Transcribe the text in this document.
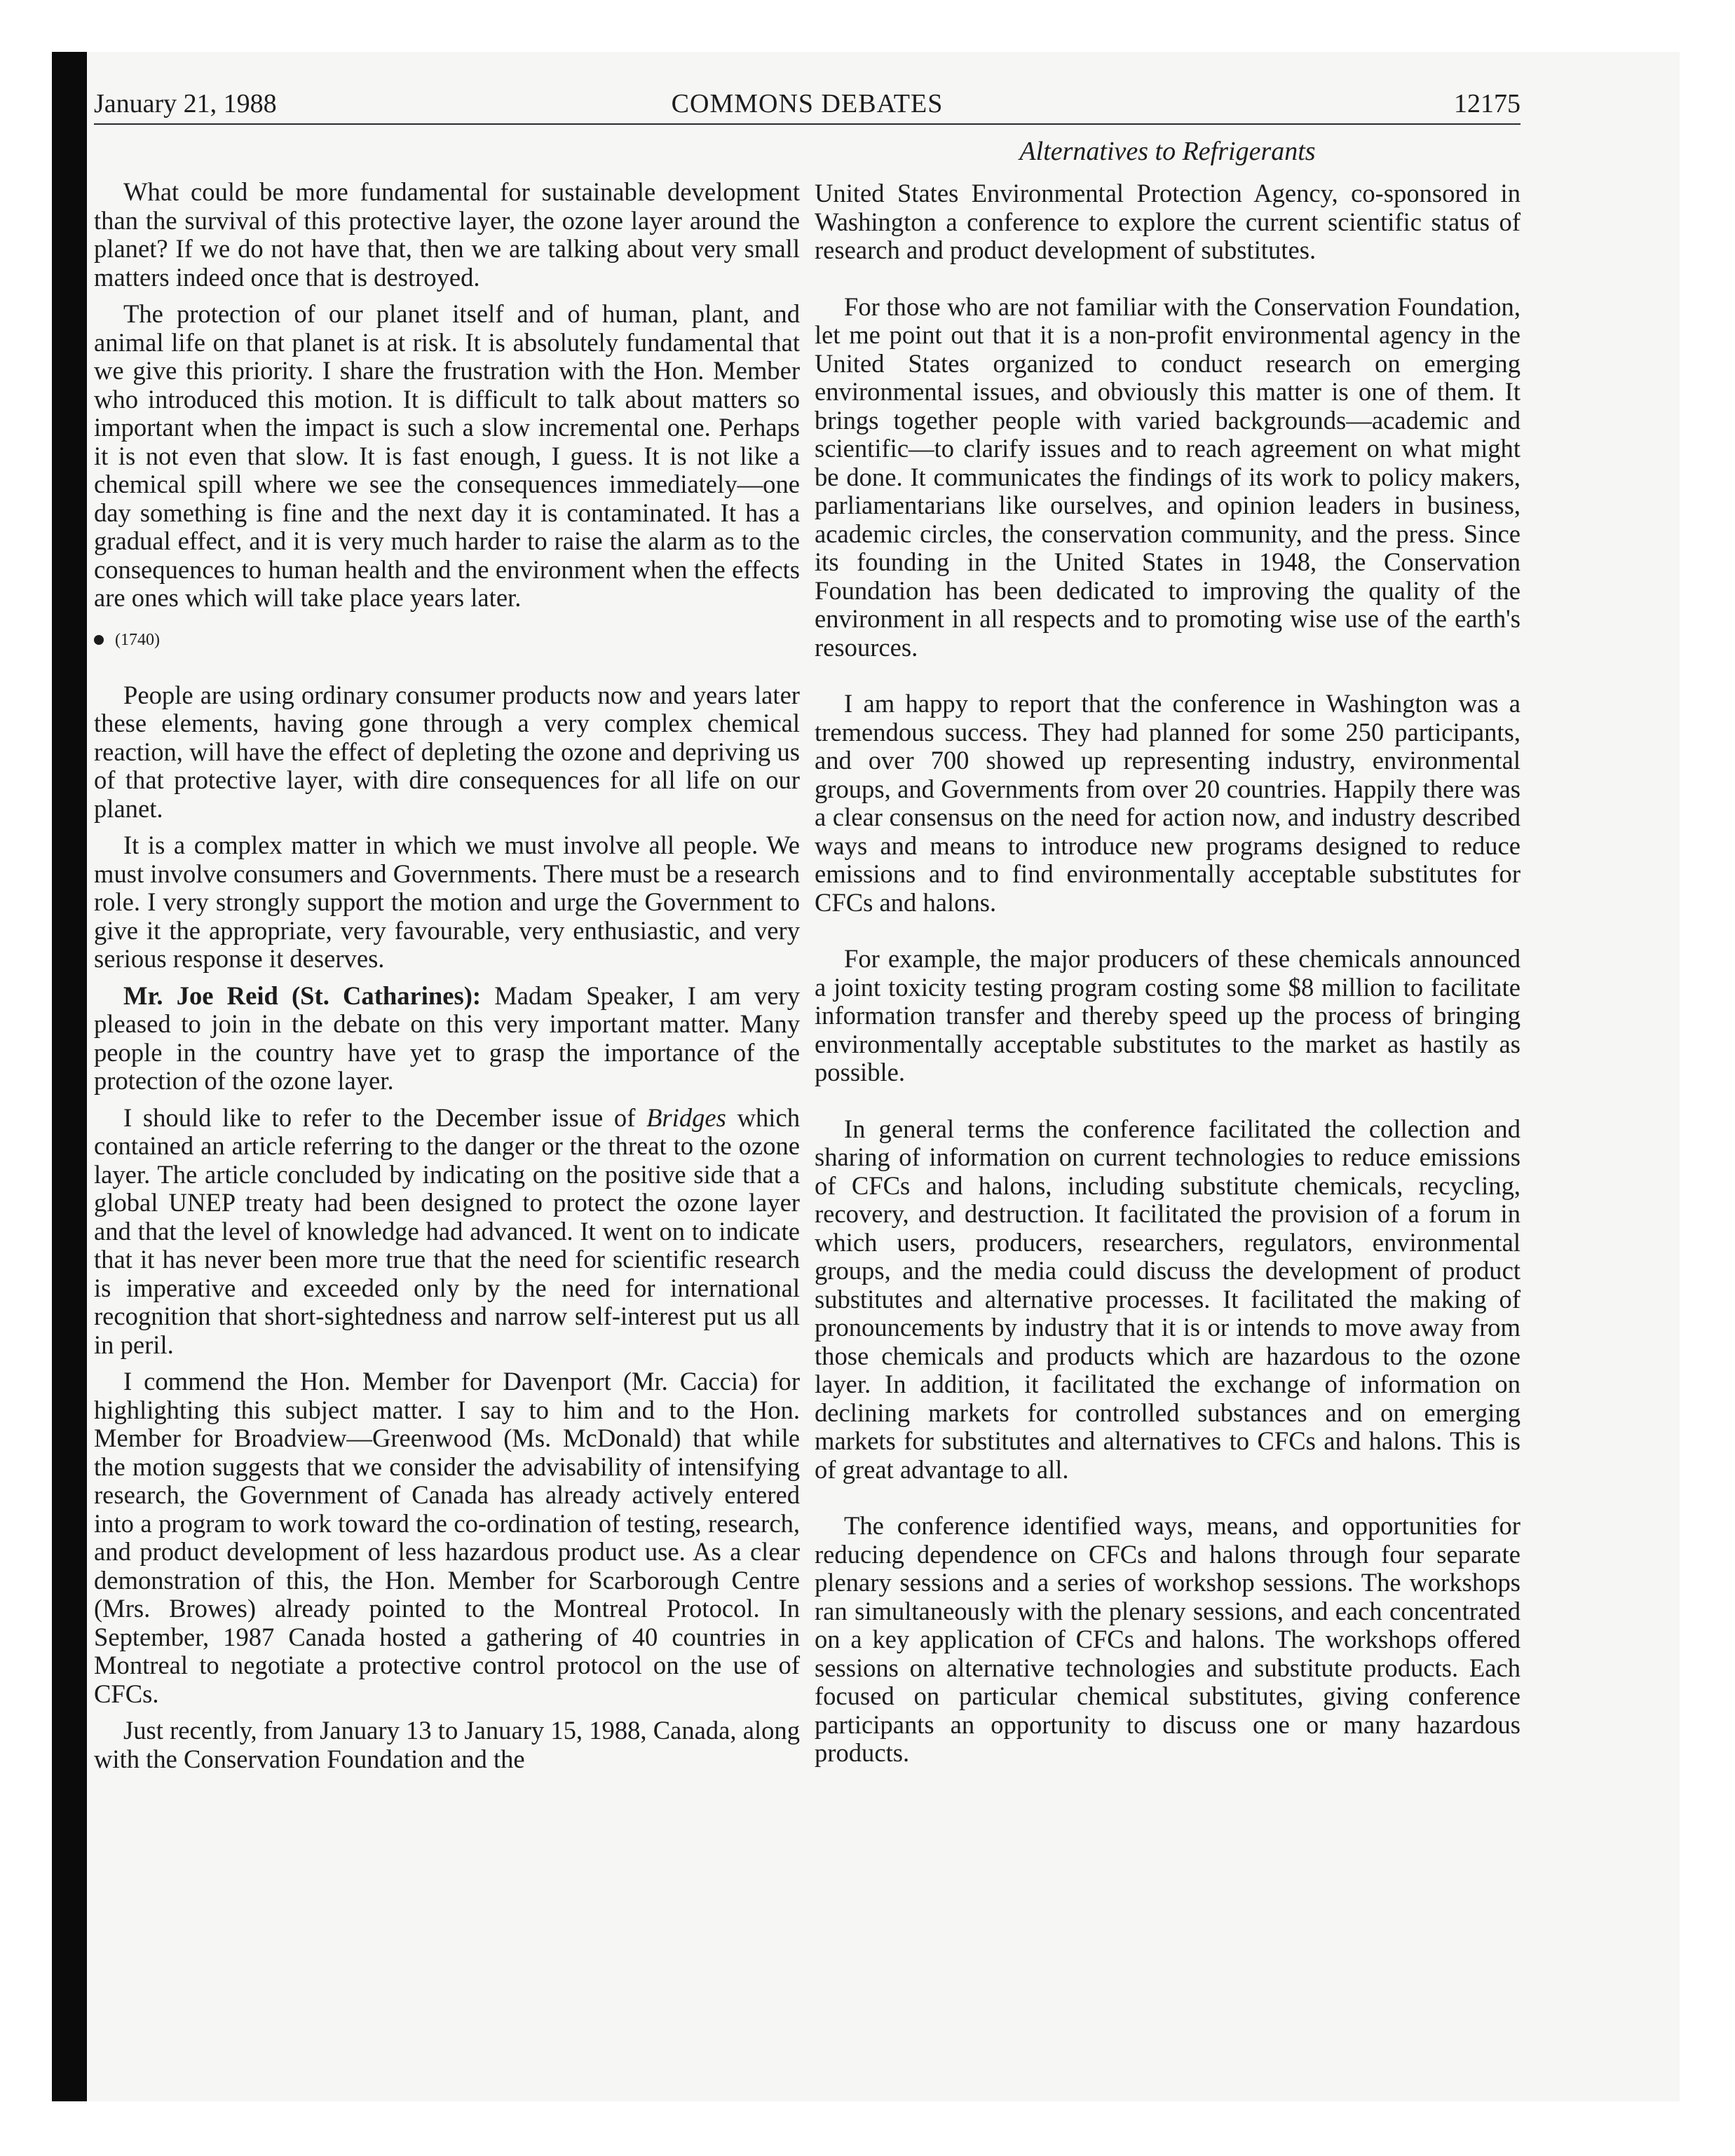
January 21, 1988	COMMONS DEBATES	12175
Alternatives to Refrigerants

What could be more fundamental for sustainable development than the survival of this protective layer, the ozone layer around the planet? If we do not have that, then we are talking about very small matters indeed once that is destroyed.

The protection of our planet itself and of human, plant, and animal life on that planet is at risk. It is absolutely fundamental that we give this priority. I share the frustration with the Hon. Member who introduced this motion. It is difficult to talk about matters so important when the impact is such a slow incremental one. Perhaps it is not even that slow. It is fast enough, I guess. It is not like a chemical spill where we see the consequences immediately—one day something is fine and the next day it is contaminated. It has a gradual effect, and it is very much harder to raise the alarm as to the consequences to human health and the environment when the effects are ones which will take place years later.

(1740)

People are using ordinary consumer products now and years later these elements, having gone through a very complex chemical reaction, will have the effect of depleting the ozone and depriving us of that protective layer, with dire consequences for all life on our planet.

It is a complex matter in which we must involve all people. We must involve consumers and Governments. There must be a research role. I very strongly support the motion and urge the Government to give it the appropriate, very favourable, very enthusiastic, and very serious response it deserves.

Mr. Joe Reid (St. Catharines): Madam Speaker, I am very pleased to join in the debate on this very important matter. Many people in the country have yet to grasp the importance of the protection of the ozone layer.

I should like to refer to the December issue of Bridges which contained an article referring to the danger or the threat to the ozone layer. The article concluded by indicating on the positive side that a global UNEP treaty had been designed to protect the ozone layer and that the level of knowledge had advanced. It went on to indicate that it has never been more true that the need for scientific research is imperative and exceeded only by the need for international recognition that short-sightedness and narrow self-interest put us all in peril.

I commend the Hon. Member for Davenport (Mr. Caccia) for highlighting this subject matter. I say to him and to the Hon. Member for Broadview—Greenwood (Ms. McDonald) that while the motion suggests that we consider the advisability of intensifying research, the Government of Canada has already actively entered into a program to work toward the co-ordination of testing, research, and product development of less hazardous product use. As a clear demonstration of this, the Hon. Member for Scarborough Centre (Mrs. Browes) already pointed to the Montreal Protocol. In September, 1987 Canada hosted a gathering of 40 countries in Montreal to negotiate a protective control protocol on the use of CFCs.

Just recently, from January 13 to January 15, 1988, Canada, along with the Conservation Foundation and the

United States Environmental Protection Agency, co-sponsored in Washington a conference to explore the current scientific status of research and product development of substitutes.

For those who are not familiar with the Conservation Foundation, let me point out that it is a non-profit environmental agency in the United States organized to conduct research on emerging environmental issues, and obviously this matter is one of them. It brings together people with varied backgrounds—academic and scientific—to clarify issues and to reach agreement on what might be done. It communicates the findings of its work to policy makers, parliamentarians like ourselves, and opinion leaders in business, academic circles, the conservation community, and the press. Since its founding in the United States in 1948, the Conservation Foundation has been dedicated to improving the quality of the environment in all respects and to promoting wise use of the earth's resources.

I am happy to report that the conference in Washington was a tremendous success. They had planned for some 250 participants, and over 700 showed up representing industry, environmental groups, and Governments from over 20 countries. Happily there was a clear consensus on the need for action now, and industry described ways and means to introduce new programs designed to reduce emissions and to find environmentally acceptable substitutes for CFCs and halons.

For example, the major producers of these chemicals announced a joint toxicity testing program costing some $8 million to facilitate information transfer and thereby speed up the process of bringing environmentally acceptable substitutes to the market as hastily as possible.

In general terms the conference facilitated the collection and sharing of information on current technologies to reduce emissions of CFCs and halons, including substitute chemicals, recycling, recovery, and destruction. It facilitated the provision of a forum in which users, producers, researchers, regulators, environmental groups, and the media could discuss the development of product substitutes and alternative processes. It facilitated the making of pronouncements by industry that it is or intends to move away from those chemicals and products which are hazardous to the ozone layer. In addition, it facilitated the exchange of information on declining markets for controlled substances and on emerging markets for substitutes and alternatives to CFCs and halons. This is of great advantage to all.

The conference identified ways, means, and opportunities for reducing dependence on CFCs and halons through four separate plenary sessions and a series of workshop sessions. The workshops ran simultaneously with the plenary sessions, and each concentrated on a key application of CFCs and halons. The workshops offered sessions on alternative technologies and substitute products. Each focused on particular chemical substitutes, giving conference participants an opportunity to discuss one or many hazardous products.
